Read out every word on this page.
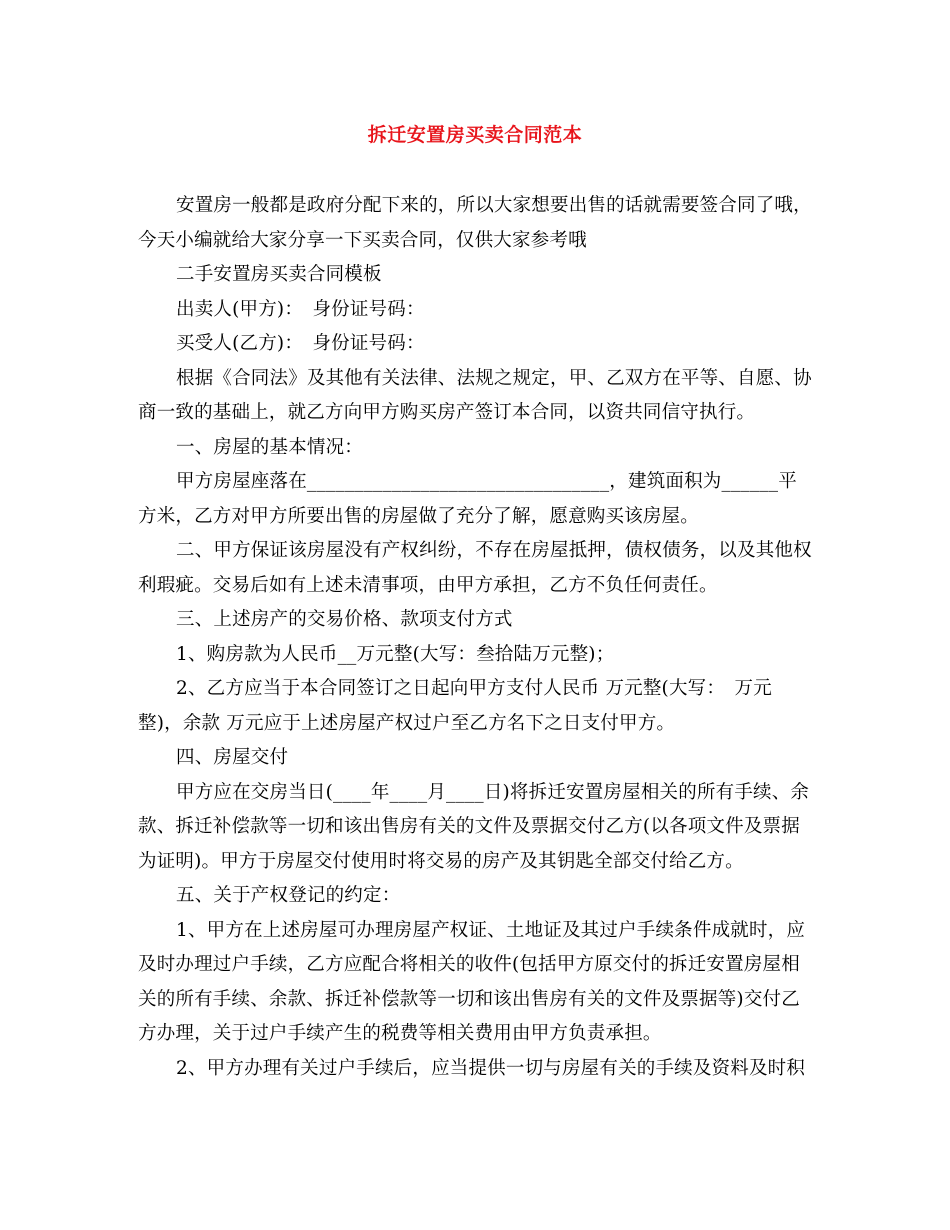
拆迁安置房买卖合同范本

安置房一般都是政府分配下来的，所以大家想要出售的话就需要签合同了哦，今天小编就给大家分享一下买卖合同，仅供大家参考哦

二手安置房买卖合同模板

出卖人(甲方)：　身份证号码：

买受人(乙方)：　身份证号码：

根据《合同法》及其他有关法律、法规之规定，甲、乙双方在平等、自愿、协商一致的基础上，就乙方向甲方购买房产签订本合同，以资共同信守执行。

一、房屋的基本情况：

甲方房屋座落在________________________________，建筑面积为______平方米，乙方对甲方所要出售的房屋做了充分了解，愿意购买该房屋。

二、甲方保证该房屋没有产权纠纷，不存在房屋抵押，债权债务，以及其他权利瑕疵。交易后如有上述未清事项，由甲方承担，乙方不负任何责任。

三、上述房产的交易价格、款项支付方式

1、购房款为人民币__万元整(大写：叁拾陆万元整)；

2、乙方应当于本合同签订之日起向甲方支付人民币 万元整(大写：　万元整)，余款 万元应于上述房屋产权过户至乙方名下之日支付甲方。

四、房屋交付

甲方应在交房当日(____年____月____日)将拆迁安置房屋相关的所有手续、余款、拆迁补偿款等一切和该出售房有关的文件及票据交付乙方(以各项文件及票据为证明)。甲方于房屋交付使用时将交易的房产及其钥匙全部交付给乙方。

五、关于产权登记的约定：

1、甲方在上述房屋可办理房屋产权证、土地证及其过户手续条件成就时，应及时办理过户手续，乙方应配合将相关的收件(包括甲方原交付的拆迁安置房屋相关的所有手续、余款、拆迁补偿款等一切和该出售房有关的文件及票据等)交付乙方办理，关于过户手续产生的税费等相关费用由甲方负责承担。

2、甲方办理有关过户手续后，应当提供一切与房屋有关的手续及资料及时积
